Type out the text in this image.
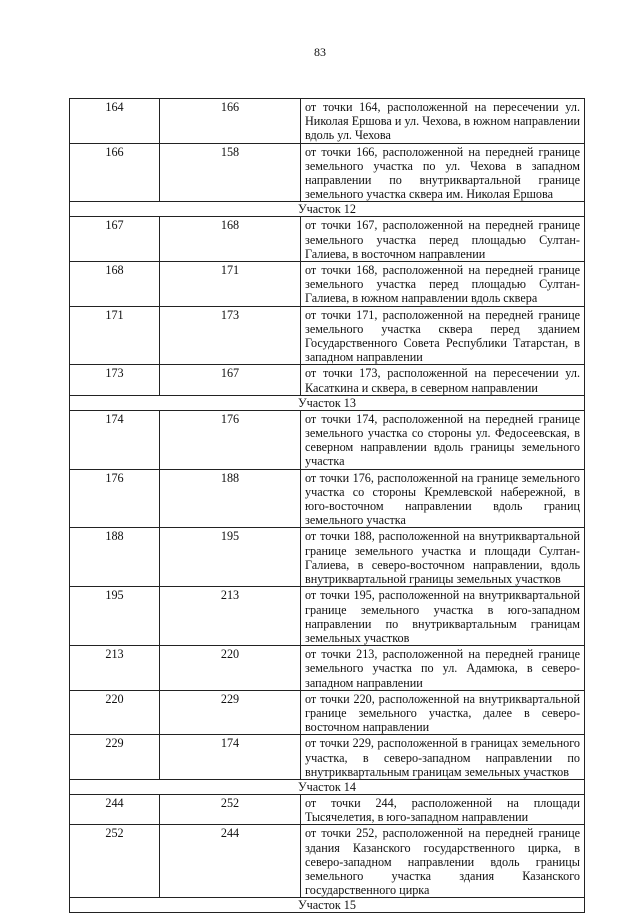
83
164	166	от точки 164, расположенной на пересечении ул. Николая Ершова и ул. Чехова, в южном направлении вдоль ул. Чехова
166	158	от точки 166, расположенной на передней границе земельного участка по ул. Чехова в западном направлении по внутриквартальной границе земельного участка сквера им. Николая Ершова
Участок 12		
167	168	от точки 167, расположенной на передней границе земельного участка перед площадью Султан-Галиева, в восточном направлении
168	171	от точки 168, расположенной на передней границе земельного участка перед площадью Султан-Галиева, в южном направлении вдоль сквера
171	173	от точки 171, расположенной на передней границе земельного участка сквера перед зданием Государственного Совета Республики Татарстан, в западном направлении
173	167	от точки 173, расположенной на пересечении ул. Касаткина и сквера, в северном направлении
Участок 13		
174	176	от точки 174, расположенной на передней границе земельного участка со стороны ул. Федосеевская, в северном направлении вдоль границы земельного участка
176	188	от точки 176, расположенной на границе земельного участка со стороны Кремлевской набережной, в юго-восточном направлении вдоль границ земельного участка
188	195	от точки 188, расположенной на внутриквартальной границе земельного участка и площади Султан-Галиева, в северо-восточном направлении, вдоль внутриквартальной границы земельных участков
195	213	от точки 195, расположенной на внутриквартальной границе земельного участка в юго-западном направлении по внутриквартальным границам земельных участков
213	220	от точки 213, расположенной на передней границе земельного участка по ул. Адамюка, в северо-западном направлении
220	229	от точки 220, расположенной на внутриквартальной границе земельного участка, далее в северо-восточном направлении
229	174	от точки 229, расположенной в границах земельного участка, в северо-западном направлении по внутриквартальным границам земельных участков
Участок 14		
244	252	от точки 244, расположенной на площади Тысячелетия, в юго-западном направлении
252	244	от точки 252, расположенной на передней границе здания Казанского государственного цирка, в северо-западном направлении вдоль границы земельного участка здания Казанского государственного цирка
Участок 15		
